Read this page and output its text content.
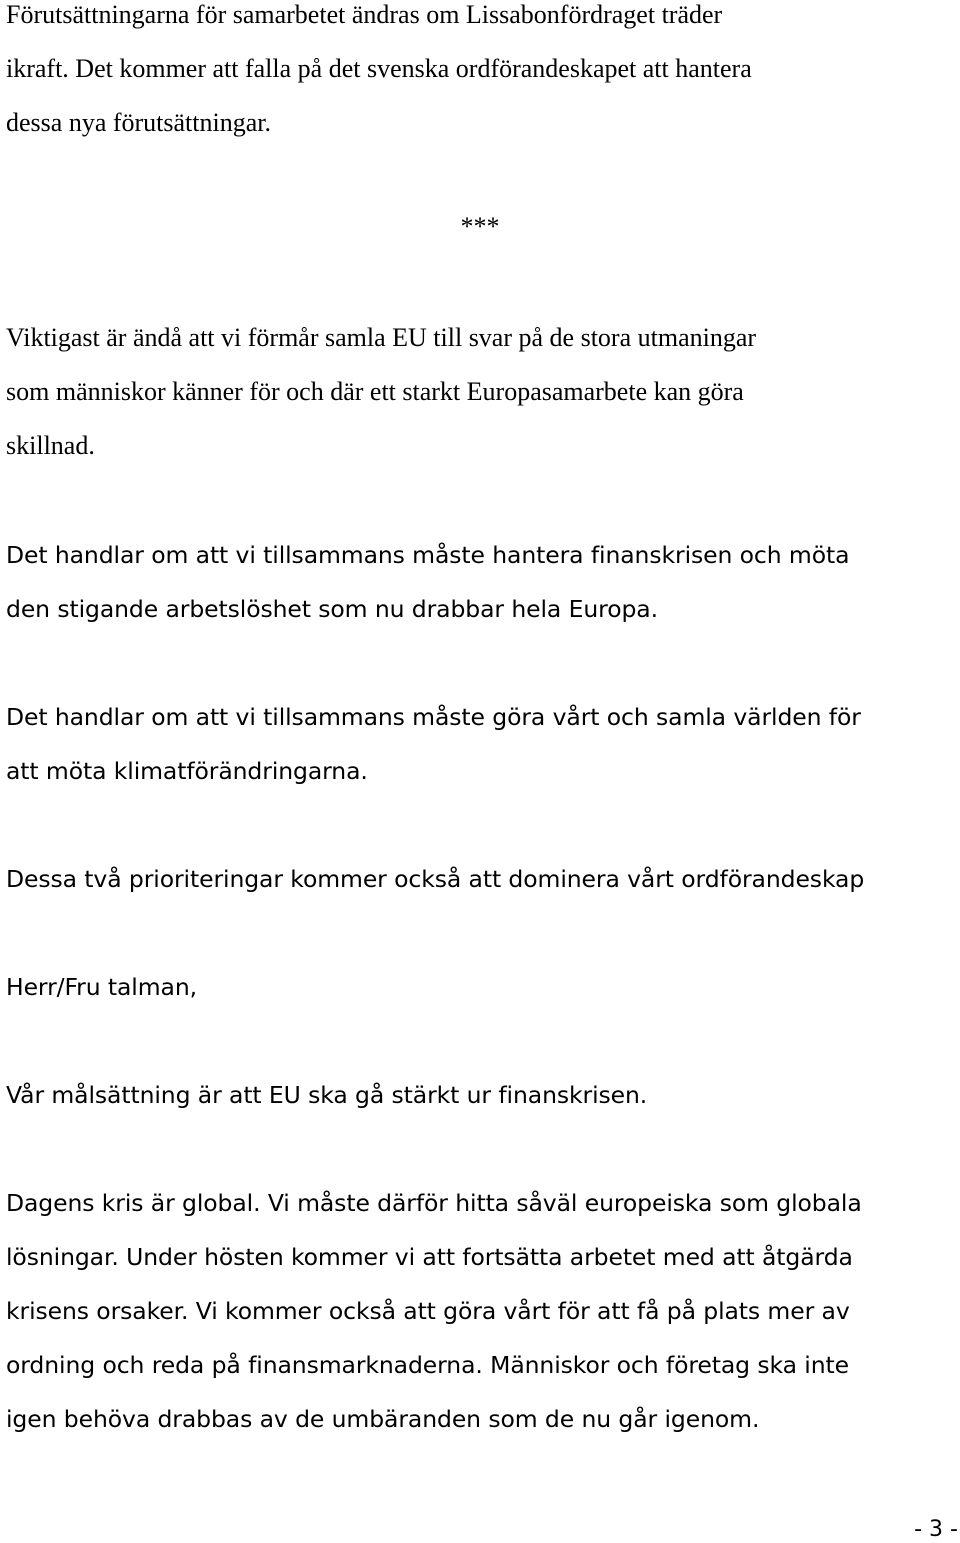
Förutsättningarna för samarbetet ändras om Lissabonfördraget träder
ikraft. Det kommer att falla på det svenska ordförandeskapet att hantera
dessa nya förutsättningar.

***

Viktigast är ändå att vi förmår samla EU till svar på de stora utmaningar
som människor känner för och där ett starkt Europasamarbete kan göra
skillnad.

Det handlar om att vi tillsammans måste hantera finanskrisen och möta
den stigande arbetslöshet som nu drabbar hela Europa.

Det handlar om att vi tillsammans måste göra vårt och samla världen för
att möta klimatförändringarna.

Dessa två prioriteringar kommer också att dominera vårt ordförandeskap

Herr/Fru talman,

Vår målsättning är att EU ska gå stärkt ur finanskrisen.

Dagens kris är global. Vi måste därför hitta såväl europeiska som globala
lösningar. Under hösten kommer vi att fortsätta arbetet med att åtgärda
krisens orsaker. Vi kommer också att göra vårt för att få på plats mer av
ordning och reda på finansmarknaderna. Människor och företag ska inte
igen behöva drabbas av de umbäranden som de nu går igenom.

- 3 -
